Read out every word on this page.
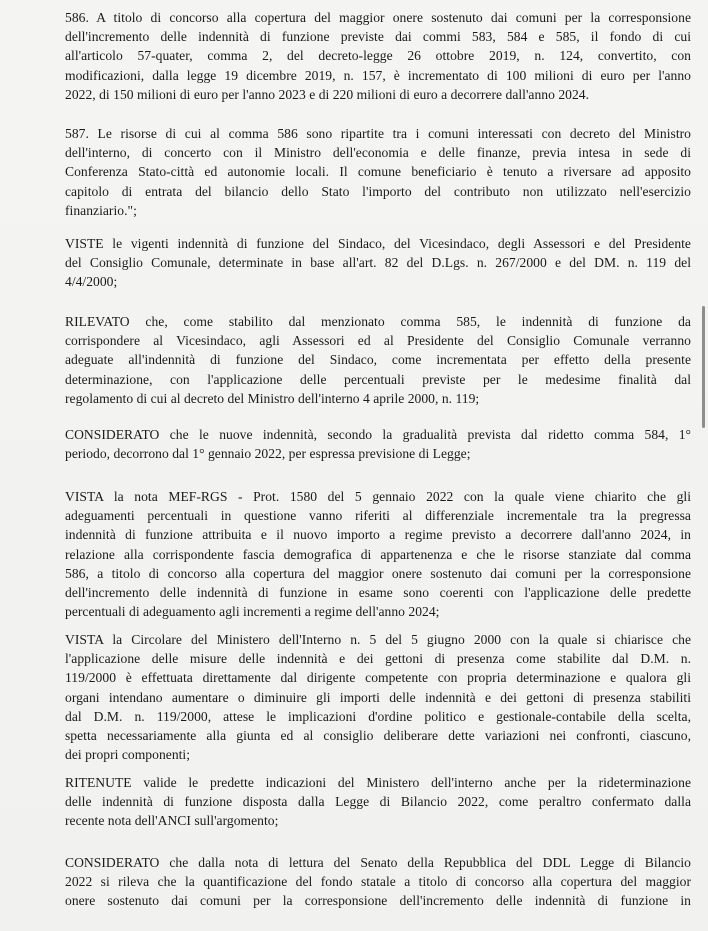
586. A titolo di concorso alla copertura del maggior onere sostenuto dai comuni per la corresponsione
dell'incremento delle indennità di funzione previste dai commi 583, 584 e 585, il fondo di cui
all'articolo 57-quater, comma 2, del decreto-legge 26 ottobre 2019, n. 124, convertito, con
modificazioni, dalla legge 19 dicembre 2019, n. 157, è incrementato di 100 milioni di euro per l'anno
2022, di 150 milioni di euro per l'anno 2023 e di 220 milioni di euro a decorrere dall'anno 2024.
587. Le risorse di cui al comma 586 sono ripartite tra i comuni interessati con decreto del Ministro
dell'interno, di concerto con il Ministro dell'economia e delle finanze, previa intesa in sede di
Conferenza Stato-città ed autonomie locali. Il comune beneficiario è tenuto a riversare ad apposito
capitolo di entrata del bilancio dello Stato l'importo del contributo non utilizzato nell'esercizio
finanziario.";
VISTE le vigenti indennità di funzione del Sindaco, del Vicesindaco, degli Assessori e del Presidente
del Consiglio Comunale, determinate in base all'art. 82 del D.Lgs. n. 267/2000 e del DM. n. 119 del
4/4/2000;
RILEVATO che, come stabilito dal menzionato comma 585, le indennità di funzione da
corrispondere al Vicesindaco, agli Assessori ed al Presidente del Consiglio Comunale verranno
adeguate all'indennità di funzione del Sindaco, come incrementata per effetto della presente
determinazione, con l'applicazione delle percentuali previste per le medesime finalità dal
regolamento di cui al decreto del Ministro dell'interno 4 aprile 2000, n. 119;
CONSIDERATO che le nuove indennità, secondo la gradualità prevista dal ridetto comma 584, 1°
periodo, decorrono dal 1° gennaio 2022, per espressa previsione di Legge;
VISTA la nota MEF-RGS - Prot. 1580 del 5 gennaio 2022 con la quale viene chiarito che gli
adeguamenti percentuali in questione vanno riferiti al differenziale incrementale tra la pregressa
indennità di funzione attribuita e il nuovo importo a regime previsto a decorrere dall'anno 2024, in
relazione alla corrispondente fascia demografica di appartenenza e che le risorse stanziate dal comma
586, a titolo di concorso alla copertura del maggior onere sostenuto dai comuni per la corresponsione
dell'incremento delle indennità di funzione in esame sono coerenti con l'applicazione delle predette
percentuali di adeguamento agli incrementi a regime dell'anno 2024;
VISTA la Circolare del Ministero dell'Interno n. 5 del 5 giugno 2000 con la quale si chiarisce che
l'applicazione delle misure delle indennità e dei gettoni di presenza come stabilite dal D.M. n.
119/2000 è effettuata direttamente dal dirigente competente con propria determinazione e qualora gli
organi intendano aumentare o diminuire gli importi delle indennità e dei gettoni di presenza stabiliti
dal D.M. n. 119/2000, attese le implicazioni d'ordine politico e gestionale-contabile della scelta,
spetta necessariamente alla giunta ed al consiglio deliberare dette variazioni nei confronti, ciascuno,
dei propri componenti;
RITENUTE valide le predette indicazioni del Ministero dell'interno anche per la rideterminazione
delle indennità di funzione disposta dalla Legge di Bilancio 2022, come peraltro confermato dalla
recente nota dell'ANCI sull'argomento;
CONSIDERATO che dalla nota di lettura del Senato della Repubblica del DDL Legge di Bilancio
2022 si rileva che la quantificazione del fondo statale a titolo di concorso alla copertura del maggior
onere sostenuto dai comuni per la corresponsione dell'incremento delle indennità di funzione in
